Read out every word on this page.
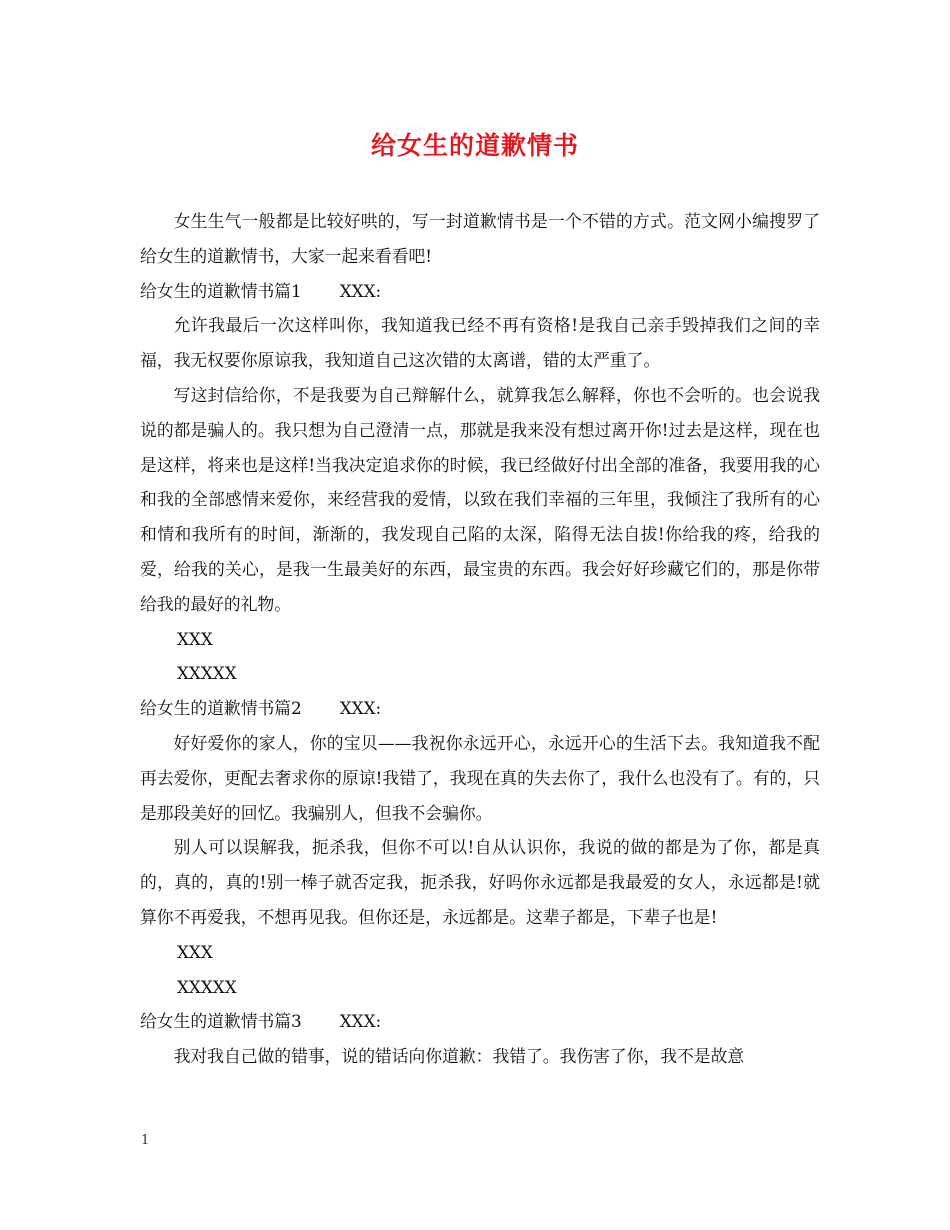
给女生的道歉情书

女生生气一般都是比较好哄的，写一封道歉情书是一个不错的方式。范文网小编搜罗了给女生的道歉情书，大家一起来看看吧!

给女生的道歉情书篇1 XXX:

允许我最后一次这样叫你，我知道我已经不再有资格!是我自己亲手毁掉我们之间的幸福，我无权要你原谅我，我知道自己这次错的太离谱，错的太严重了。

写这封信给你，不是我要为自己辩解什么，就算我怎么解释，你也不会听的。也会说我说的都是骗人的。我只想为自己澄清一点，那就是我来没有想过离开你!过去是这样，现在也是这样，将来也是这样!当我决定追求你的时候，我已经做好付出全部的准备，我要用我的心和我的全部感情来爱你，来经营我的爱情，以致在我们幸福的三年里，我倾注了我所有的心和情和我所有的时间，渐渐的，我发现自己陷的太深，陷得无法自拔!你给我的疼，给我的爱，给我的关心，是我一生最美好的东西，最宝贵的东西。我会好好珍藏它们的，那是你带给我的最好的礼物。

XXX

XXXXX

给女生的道歉情书篇2 XXX:

好好爱你的家人，你的宝贝——我祝你永远开心，永远开心的生活下去。我知道我不配再去爱你，更配去奢求你的原谅!我错了，我现在真的失去你了，我什么也没有了。有的，只是那段美好的回忆。我骗别人，但我不会骗你。

别人可以误解我，扼杀我，但你不可以!自从认识你，我说的做的都是为了你，都是真的，真的，真的!别一棒子就否定我，扼杀我，好吗你永远都是我最爱的女人，永远都是!就算你不再爱我，不想再见我。但你还是，永远都是。这辈子都是，下辈子也是!

XXX

XXXXX

给女生的道歉情书篇3 XXX:

我对我自己做的错事，说的错话向你道歉：我错了。我伤害了你，我不是故意

1
